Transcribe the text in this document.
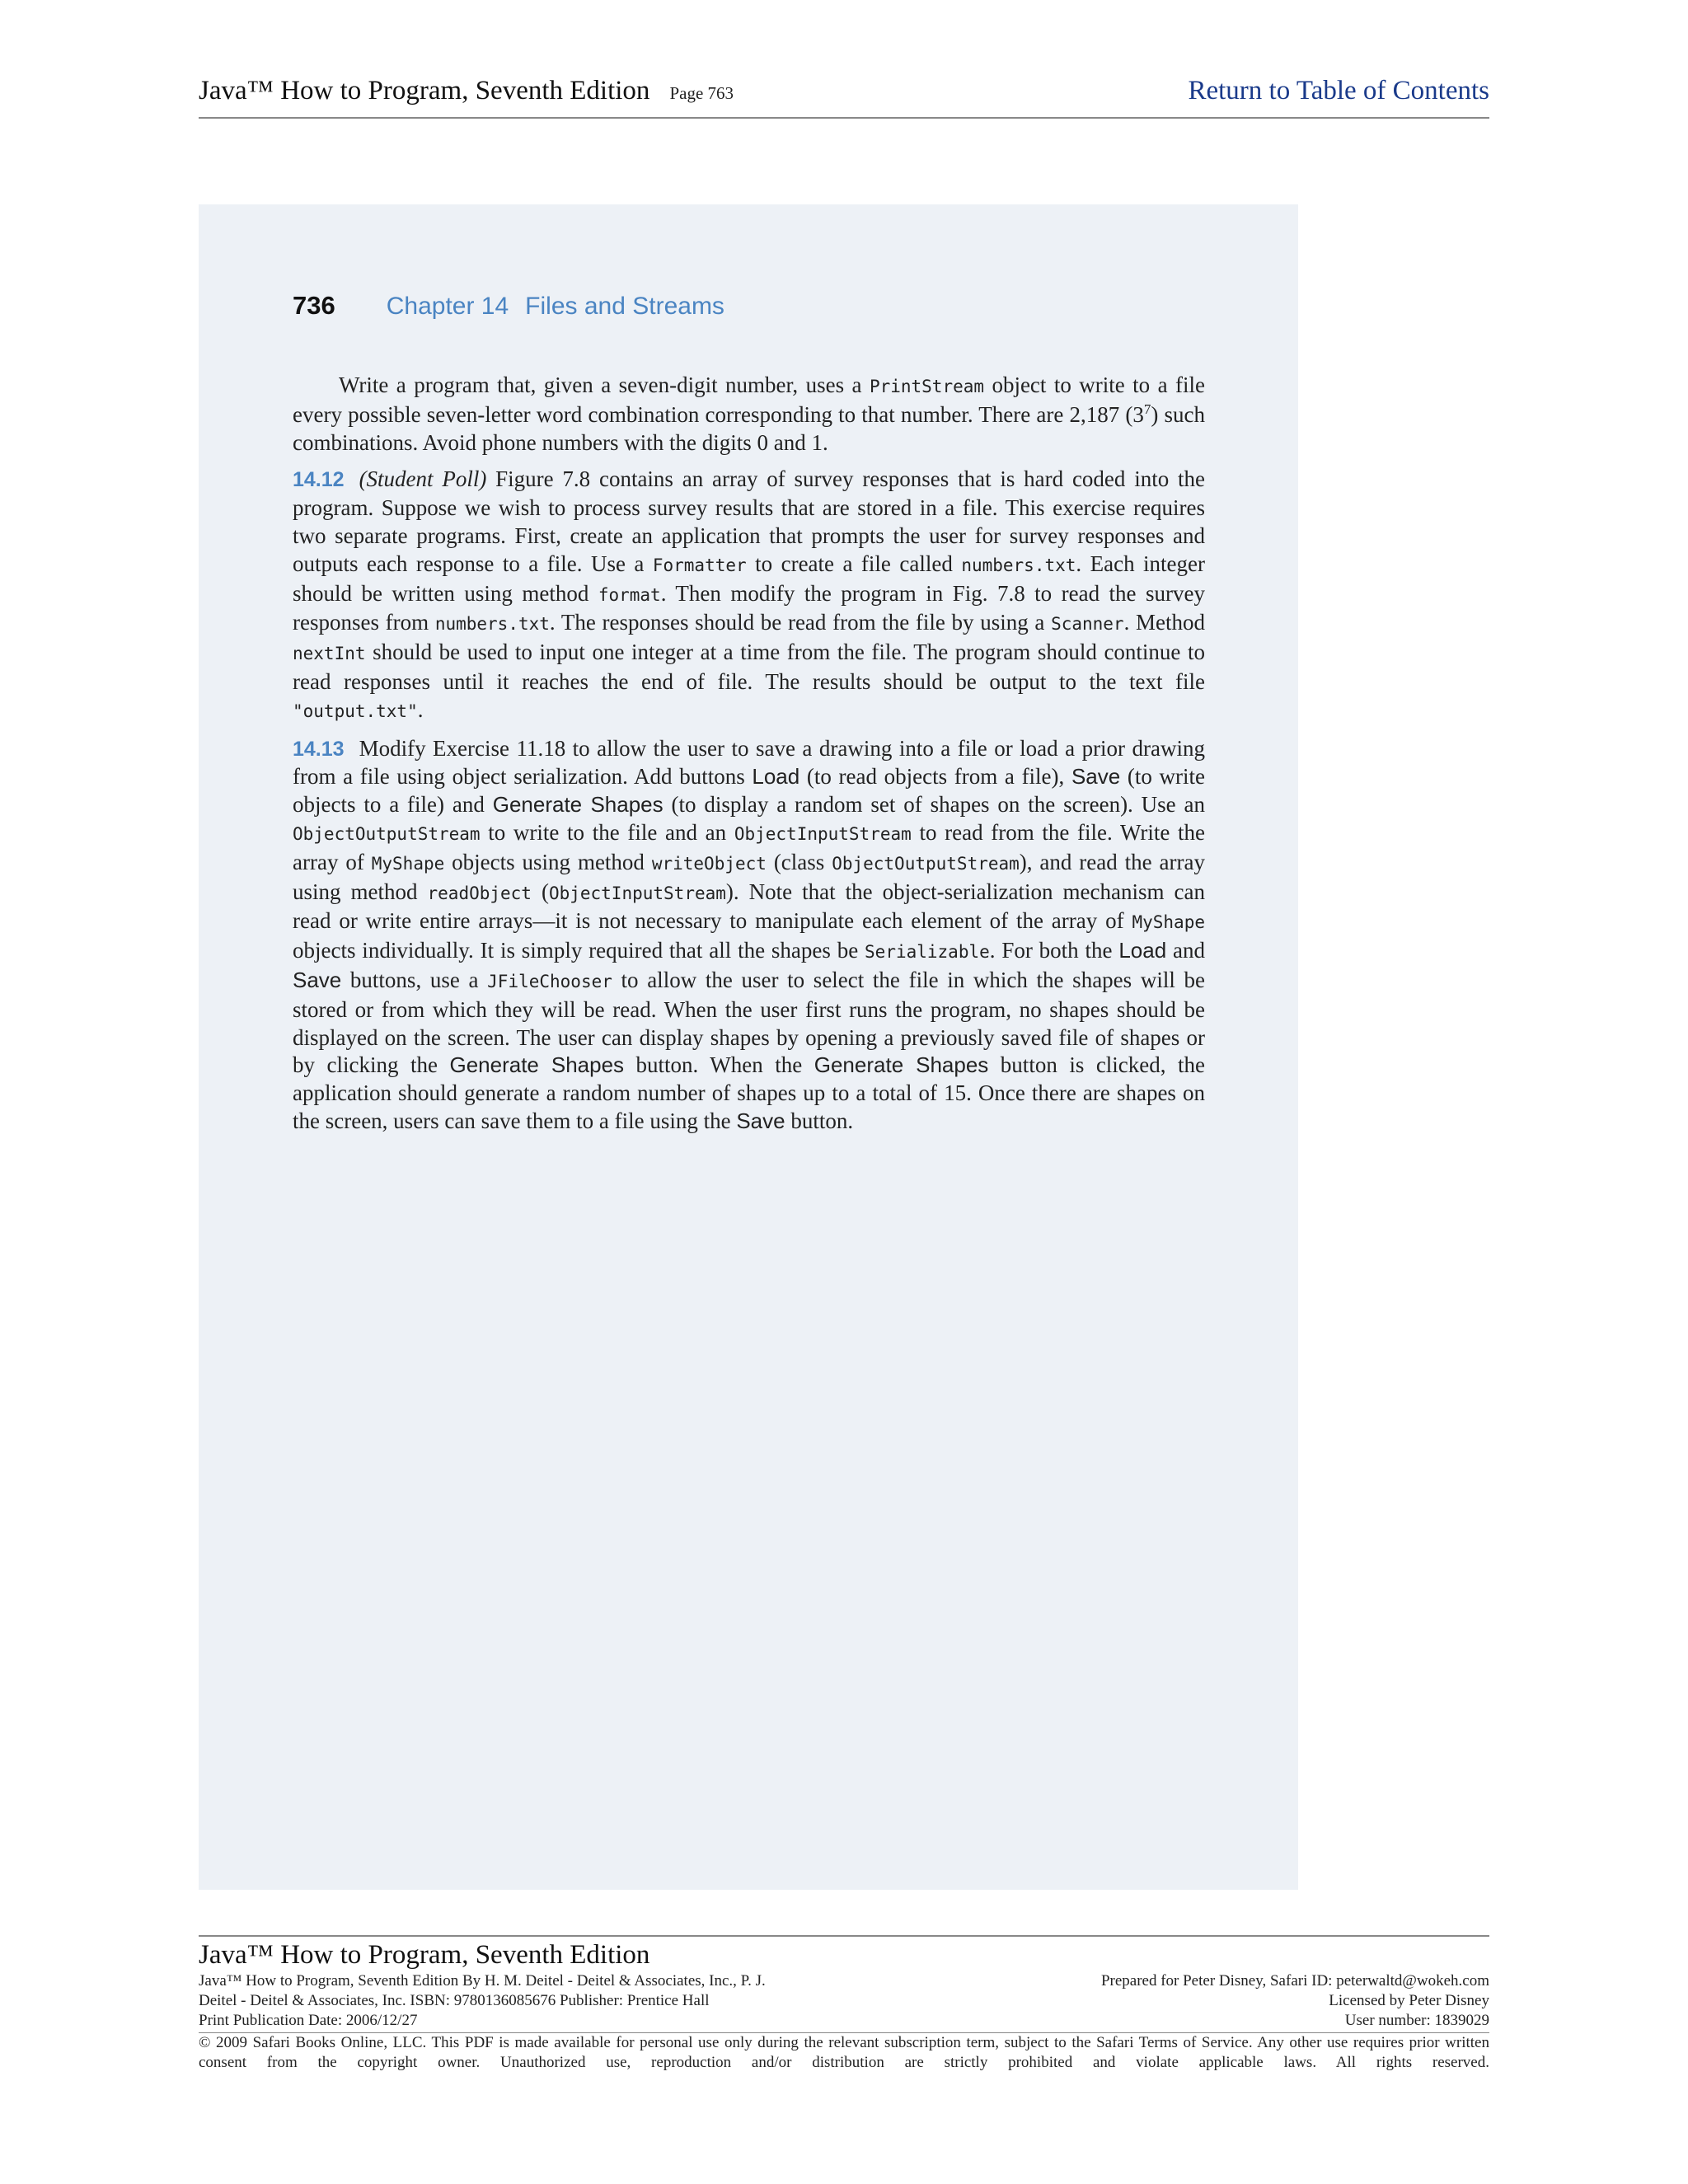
Java™ How to Program, Seventh Edition Page 763	Return to Table of Contents
736 Chapter 14 Files and Streams

Write a program that, given a seven-digit number, uses a PrintStream object to write to a file every possible seven-letter word combination corresponding to that number. There are 2,187 $(3^7)$ such combinations. Avoid phone numbers with the digits 0 and 1.

14.12 (Student Poll) Figure 7.8 contains an array of survey responses that is hard coded into the program. Suppose we wish to process survey results that are stored in a file. This exercise requires two separate programs. First, create an application that prompts the user for survey responses and outputs each response to a file. Use a Formatter to create a file called numbers.txt. Each integer should be written using method format. Then modify the program in Fig. 7.8 to read the survey responses from numbers.txt. The responses should be read from the file by using a Scanner. Method nextInt should be used to input one integer at a time from the file. The program should continue to read responses until it reaches the end of file. The results should be output to the text file "output.txt".

14.13 Modify Exercise 11.18 to allow the user to save a drawing into a file or load a prior drawing from a file using object serialization. Add buttons Load (to read objects from a file), Save (to write objects to a file) and Generate Shapes (to display a random set of shapes on the screen). Use an ObjectOutputStream to write to the file and an ObjectInputStream to read from the file. Write the array of MyShape objects using method writeObject (class ObjectOutputStream), and read the array using method readObject (ObjectInputStream). Note that the object-serialization mechanism can read or write entire arrays—it is not necessary to manipulate each element of the array of MyShape objects individually. It is simply required that all the shapes be Serializable. For both the Load and Save buttons, use a JFileChooser to allow the user to select the file in which the shapes will be stored or from which they will be read. When the user first runs the program, no shapes should be displayed on the screen. The user can display shapes by opening a previously saved file of shapes or by clicking the Generate Shapes button. When the Generate Shapes button is clicked, the application should generate a random number of shapes up to a total of 15. Once there are shapes on the screen, users can save them to a file using the Save button.

Java™ How to Program, Seventh Edition
Java™ How to Program, Seventh Edition By H. M. Deitel - Deitel & Associates, Inc., P. J.	Prepared for Peter Disney, Safari ID: peterwaltd@wokeh.com
Deitel - Deitel & Associates, Inc. ISBN: 9780136085676 Publisher: Prentice Hall	Licensed by Peter Disney
Print Publication Date: 2006/12/27	User number: 1839029
© 2009 Safari Books Online, LLC. This PDF is made available for personal use only during the relevant subscription term, subject to the Safari Terms of Service. Any other use requires prior written consent from the copyright owner. Unauthorized use, reproduction and/or distribution are strictly prohibited and violate applicable laws. All rights reserved.
